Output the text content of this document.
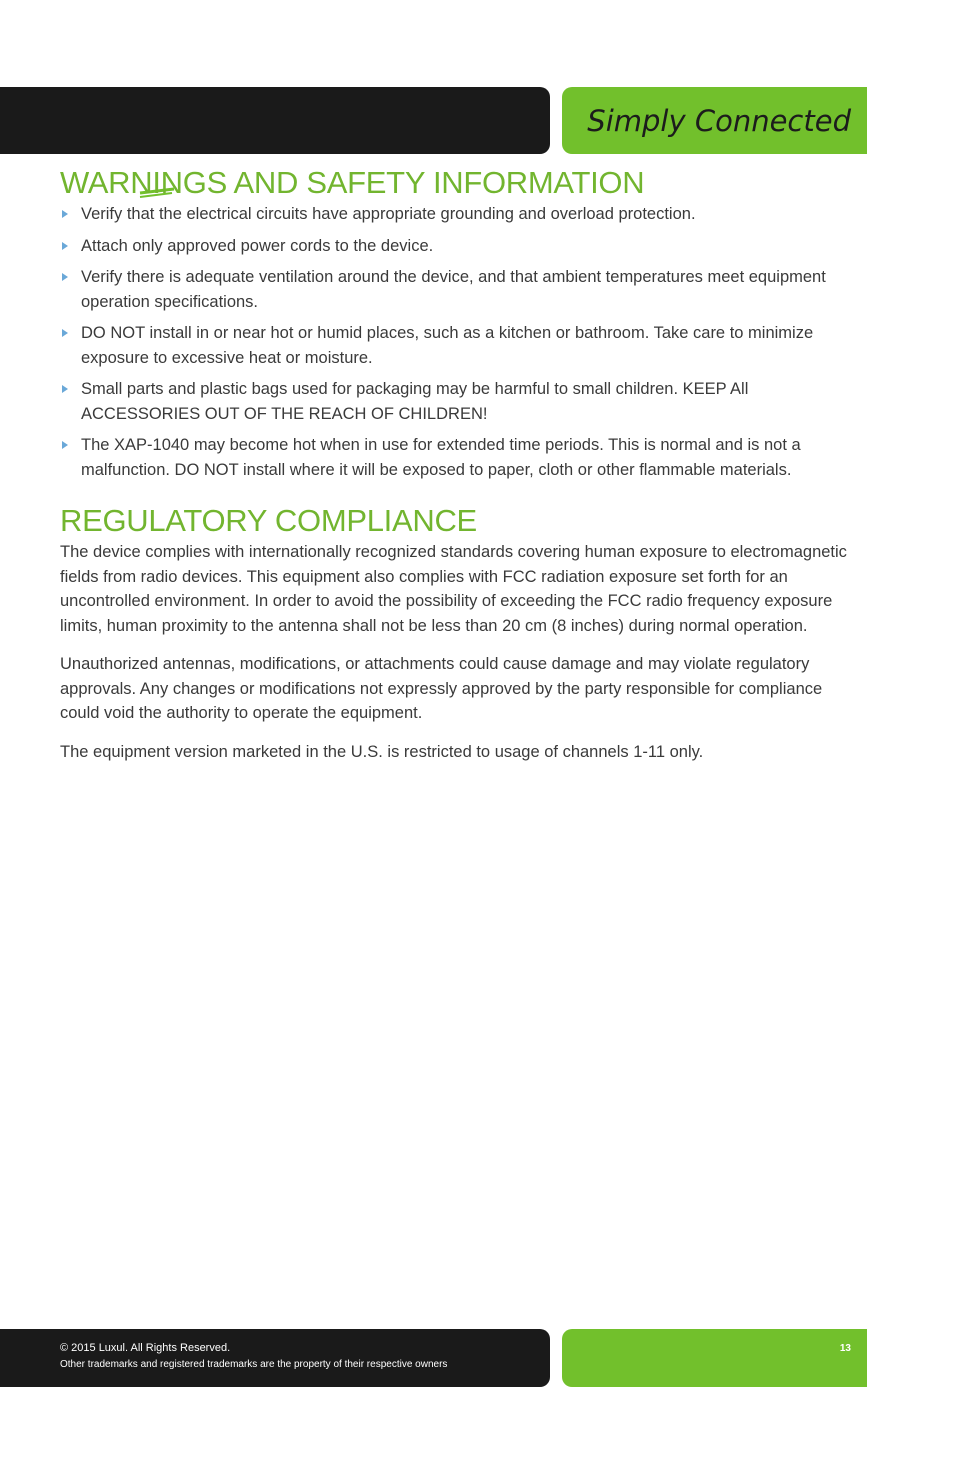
Simply Connected

WARNINGS AND SAFETY INFORMATION
Verify that the electrical circuits have appropriate grounding and overload protection.
Attach only approved power cords to the device.
Verify there is adequate ventilation around the device, and that ambient temperatures meet equipment operation specifications.
DO NOT install in or near hot or humid places, such as a kitchen or bathroom. Take care to minimize exposure to excessive heat or moisture.
Small parts and plastic bags used for packaging may be harmful to small children. KEEP All ACCESSORIES OUT OF THE REACH OF CHILDREN!
The XAP-1040 may become hot when in use for extended time periods. This is normal and is not a malfunction. DO NOT install where it will be exposed to paper, cloth or other flammable materials.
REGULATORY COMPLIANCE

The device complies with internationally recognized standards covering human exposure to electromagnetic fields from radio devices. This equipment also complies with FCC radiation exposure set forth for an uncontrolled environment. In order to avoid the possibility of exceeding the FCC radio frequency exposure limits, human proximity to the antenna shall not be less than 20 cm (8 inches) during normal operation.

Unauthorized antennas, modifications, or attachments could cause damage and may violate regulatory approvals. Any changes or modifications not expressly approved by the party responsible for compliance could void the authority to operate the equipment.

The equipment version marketed in the U.S. is restricted to usage of channels 1-11 only.

© 2015 Luxul. All Rights Reserved.
Other trademarks and registered trademarks are the property of their respective owners
13
